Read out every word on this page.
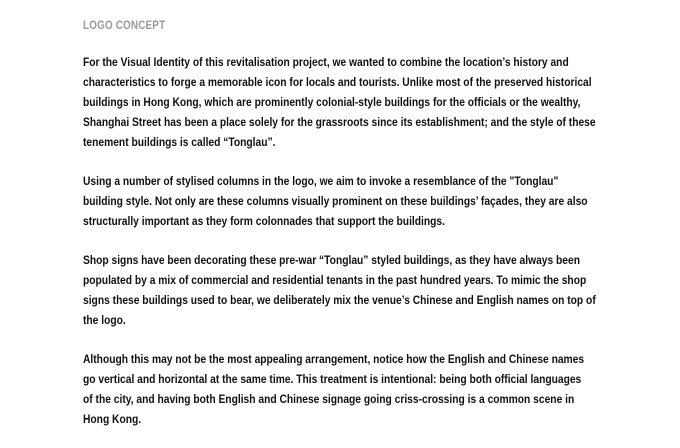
LOGO CONCEPT

For the Visual Identity of this revitalisation project, we wanted to combine the location’s history and
characteristics to forge a memorable icon for locals and tourists. Unlike most of the preserved historical
buildings in Hong Kong, which are prominently colonial-style buildings for the officials or the wealthy,
Shanghai Street has been a place solely for the grassroots since its establishment; and the style of these
tenement buildings is called “Tonglau”.

Using a number of stylised columns in the logo, we aim to invoke a resemblance of the "Tonglau"
building style. Not only are these columns visually prominent on these buildings’ façades, they are also
structurally important as they form colonnades that support the buildings.

Shop signs have been decorating these pre-war “Tonglau” styled buildings, as they have always been
populated by a mix of commercial and residential tenants in the past hundred years. To mimic the shop
signs these buildings used to bear, we deliberately mix the venue’s Chinese and English names on top of
the logo.

Although this may not be the most appealing arrangement, notice how the English and Chinese names
go vertical and horizontal at the same time. This treatment is intentional: being both official languages
of the city, and having both English and Chinese signage going criss-crossing is a common scene in
Hong Kong.
